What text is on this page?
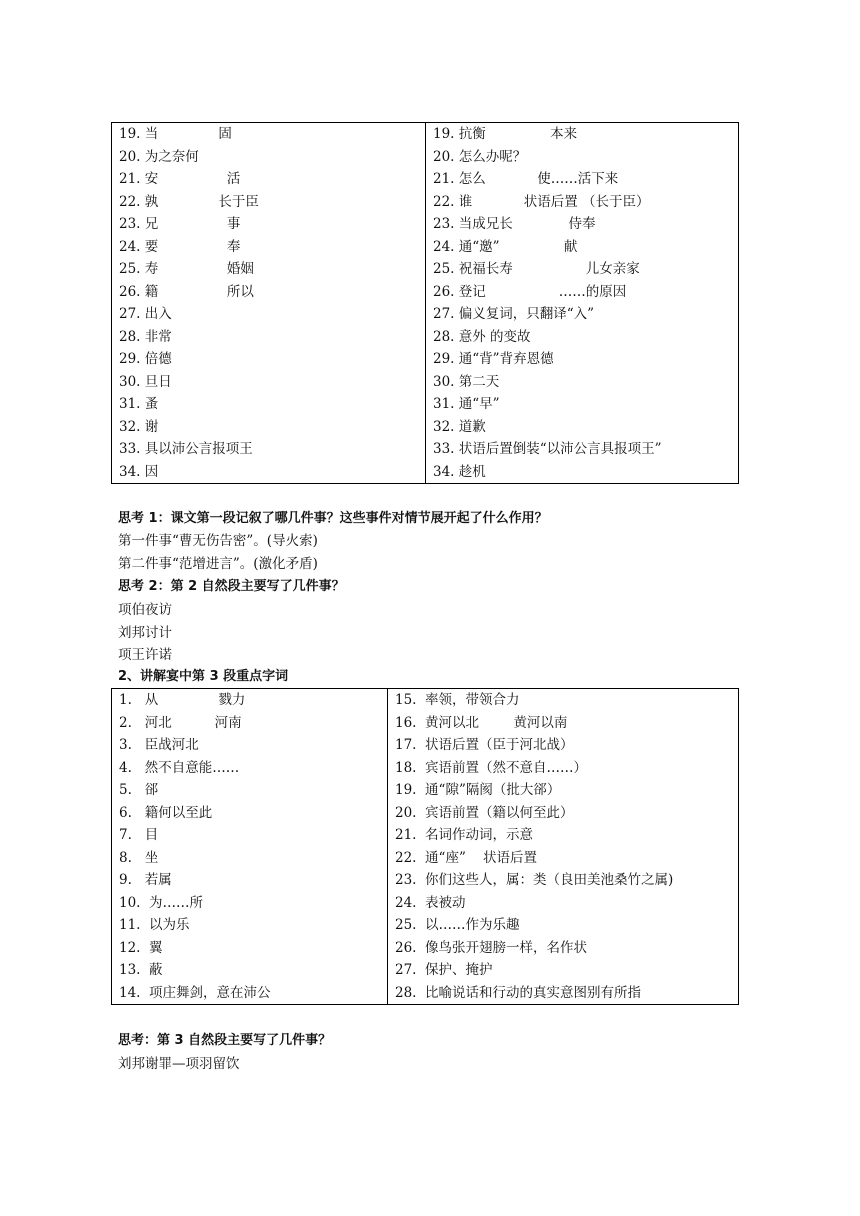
19. 当              固
20. 为之奈何
21. 安                活
22. 孰              长于臣
23. 兄                事
24. 要                奉
25. 寿                婚姻
26. 籍                所以
27. 出入
28. 非常
29. 倍德
30. 旦日
31. 蚤
32. 谢
33. 具以沛公言报项王
34. 因

19. 抗衡               本来
20. 怎么办呢？
21. 怎么            使……活下来
22. 谁            状语后置 （长于臣）
23. 当成兄长             侍奉
24. 通“邀”               献
25. 祝福长寿                 儿女亲家
26. 登记                 ……的原因
27. 偏义复词，只翻译“入”
28. 意外 的变故
29. 通“背”背弃恩德
30. 第二天
31. 通“早”
32. 道歉
33. 状语后置倒装“以沛公言具报项王”
34. 趁机
思考 1：课文第一段记叙了哪几件事？这些事件对情节展开起了什么作用？
第一件事“曹无伤告密”。(导火索)
第二件事“范增进言”。(激化矛盾)
思考 2：第 2 自然段主要写了几件事？
项伯夜访
刘邦讨计
项王许诺
2、讲解宴中第 3 段重点字词
1.   从              戮力
2.   河北          河南
3.   臣战河北
4.   然不自意能……
5.   郤
6.   籍何以至此
7.   目
8.   坐
9.   若属
10.  为……所
11.  以为乐
12.  翼
13.  蔽
14.  项庄舞剑，意在沛公

15.  率领，带领合力
16.  黄河以北        黄河以南
17.  状语后置（臣于河北战）
18.  宾语前置（然不意自……）
19.  通“隙”隔阂（批大郤）
20.  宾语前置（籍以何至此）
21.  名词作动词，示意
22.  通“座”    状语后置
23.  你们这些人，属：类（良田美池桑竹之属)
24.  表被动
25.  以……作为乐趣
26.  像鸟张开翅膀一样，名作状
27.  保护、掩护
28.  比喻说话和行动的真实意图别有所指
思考：第 3 自然段主要写了几件事？
刘邦谢罪—项羽留饮
